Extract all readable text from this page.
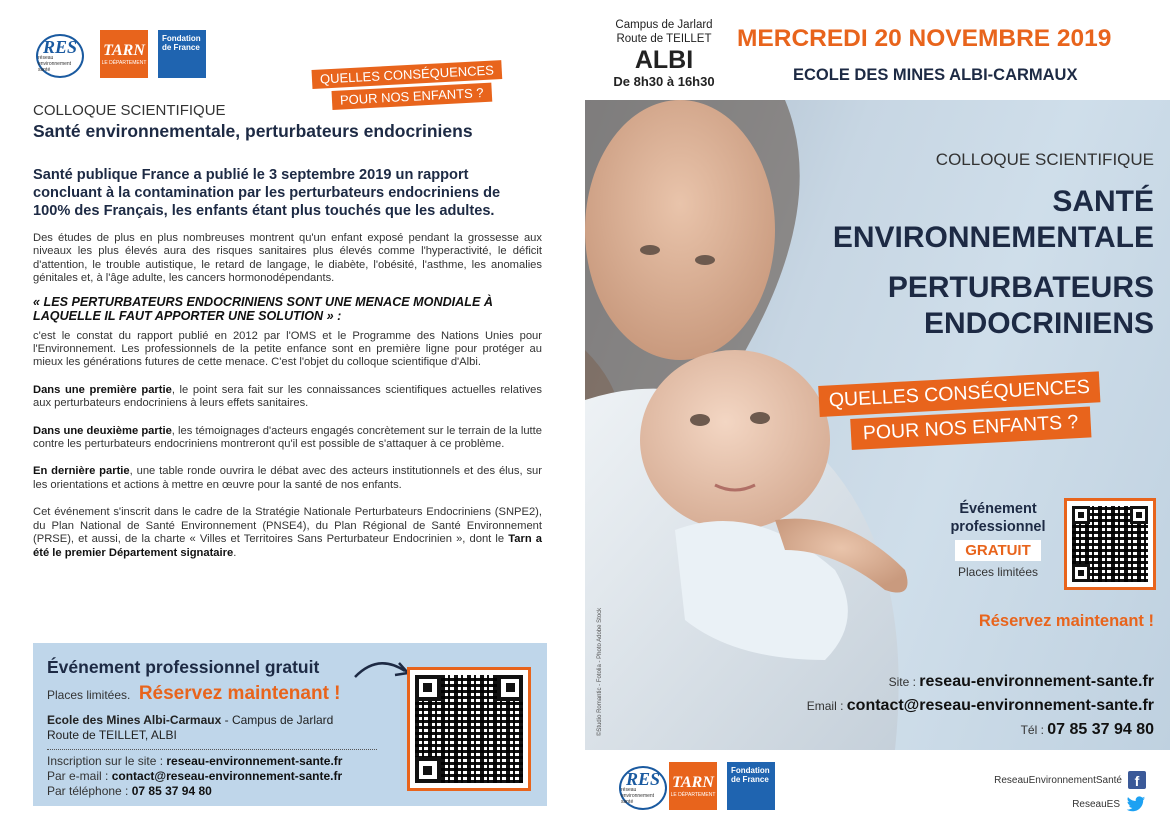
RES
réseau environnement santé
TARN
LE DÉPARTEMENT
Fondation de France
QUELLES CONSÉQUENCES
POUR NOS ENFANTS ?
COLLOQUE SCIENTIFIQUE
Santé environnementale, perturbateurs endocriniens
Santé publique France a publié le 3 septembre 2019 un rapport concluant à la contamination par les perturbateurs endocriniens de 100% des Français, les enfants étant plus touchés que les adultes.

Des études de plus en plus nombreuses montrent qu'un enfant exposé pendant la grossesse aux niveaux les plus élevés aura des risques sanitaires plus élevés comme l'hyperactivité, le déficit d'attention, le trouble autistique, le retard de langage, le diabète, l'obésité, l'asthme, les anomalies génitales et, à l'âge adulte, les cancers hormonodépendants.

« LES PERTURBATEURS ENDOCRINIENS SONT UNE MENACE MONDIALE À LAQUELLE IL FAUT APPORTER UNE SOLUTION » :

c'est le constat du rapport publié en 2012 par l'OMS et le Programme des Nations Unies pour l'Environnement. Les professionnels de la petite enfance sont en première ligne pour protéger au mieux les générations futures de cette menace. C'est l'objet du colloque scientifique d'Albi.

Dans une première partie, le point sera fait sur les connaissances scientifiques actuelles relatives aux perturbateurs endocriniens à leurs effets sanitaires.

Dans une deuxième partie, les témoignages d'acteurs engagés concrètement sur le terrain de la lutte contre les perturbateurs endocriniens montreront qu'il est possible de s'attaquer à ce problème.

En dernière partie, une table ronde ouvrira le débat avec des acteurs institutionnels et des élus, sur les orientations et actions à mettre en œuvre pour la santé de nos enfants.

Cet événement s'inscrit dans le cadre de la Stratégie Nationale Perturbateurs Endocriniens (SNPE2), du Plan National de Santé Environnement (PNSE4), du Plan Régional de Santé Environnement (PRSE), et aussi, de la charte « Villes et Territoires Sans Perturbateur Endocrinien », dont le Tarn a été le premier Département signataire.

Événement professionnel gratuit
Places limitées. Réservez maintenant !
Ecole des Mines Albi-Carmaux - Campus de Jarlard
Route de TEILLET, ALBI
Inscription sur le site : reseau-environnement-sante.fr
Par e-mail : contact@reseau-environnement-sante.fr
Par téléphone : 07 85 37 94 80
Campus de Jarlard
Route de TEILLET
ALBI
De 8h30 à 16h30
MERCREDI 20 NOVEMBRE 2019
ECOLE DES MINES ALBI-CARMAUX
COLLOQUE SCIENTIFIQUE
SANTÉ
ENVIRONNEMENTALE
PERTURBATEURS
ENDOCRINIENS
QUELLES CONSÉQUENCES
POUR NOS ENFANTS ?
Événement
professionnel
GRATUIT
Places limitées
Réservez maintenant !
Site : reseau-environnement-sante.fr
Email : contact@reseau-environnement-sante.fr
Tél : 07 85 37 94 80
©Studio Romantic - Fotolia - Photo Adobe Stock
RES
réseau environnement santé
TARN
LE DÉPARTEMENT
Fondation de France	ReseauEnvironnementSanté f
ReseauES
